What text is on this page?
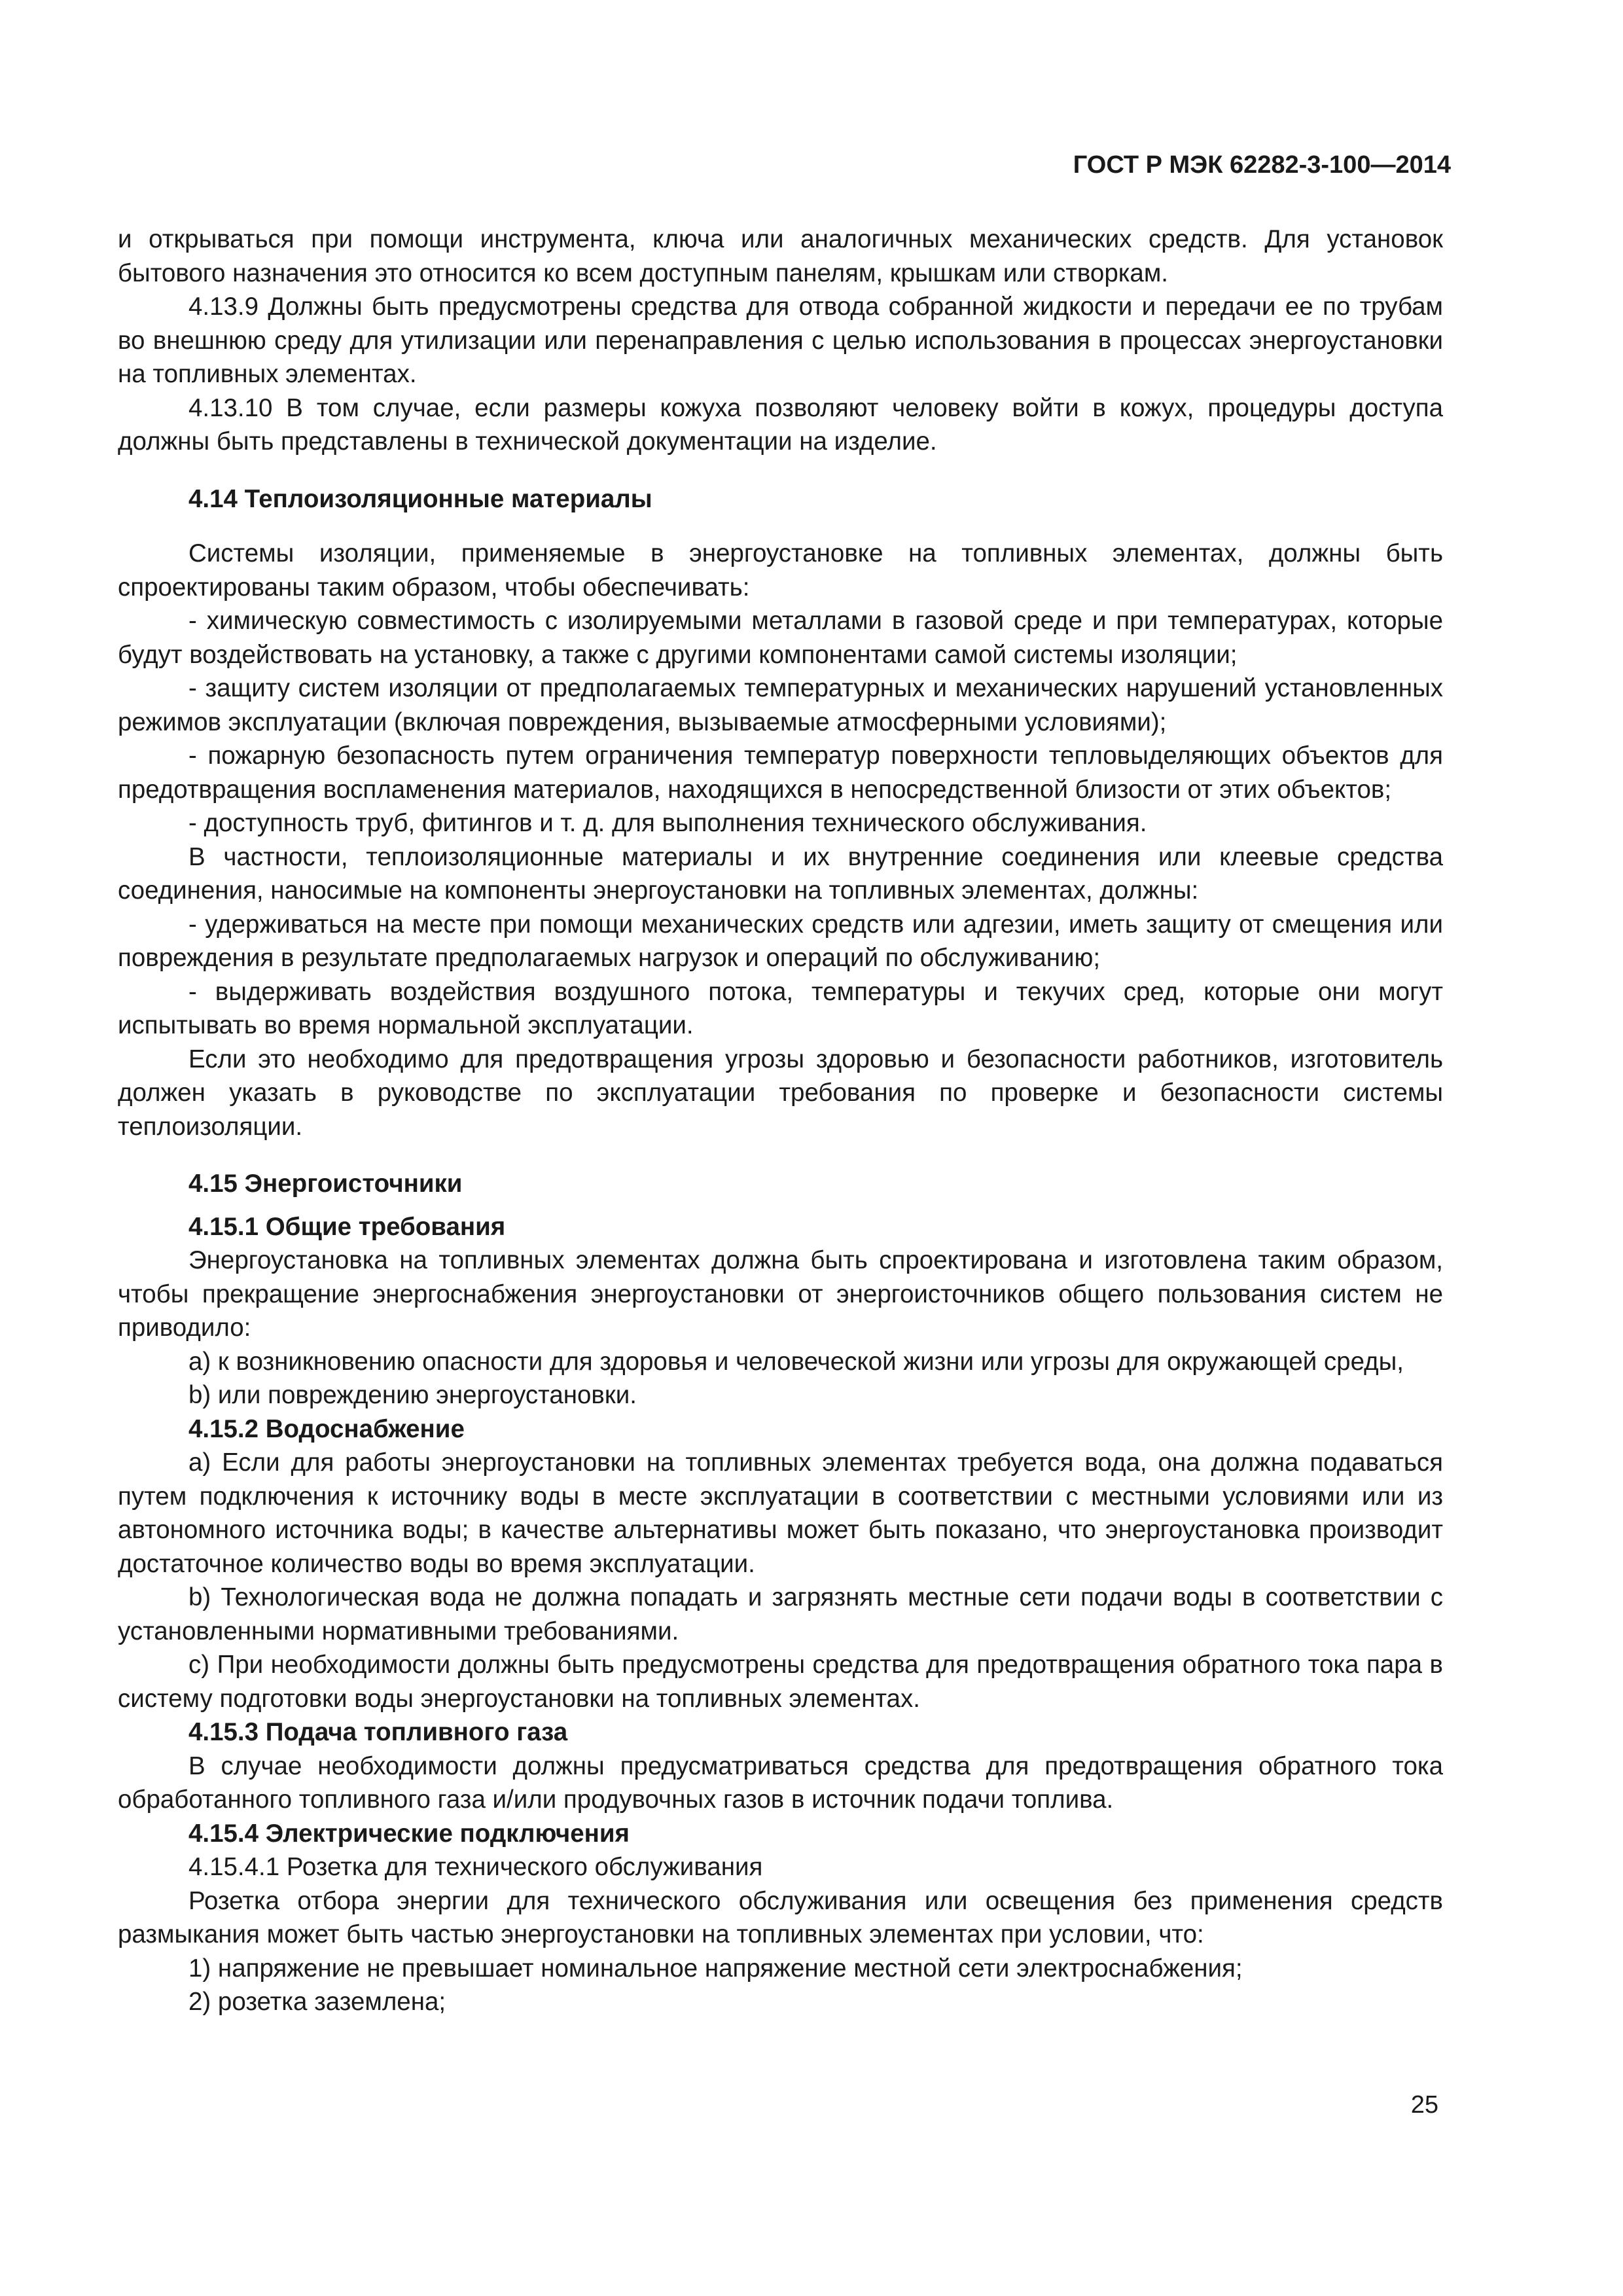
ГОСТ Р МЭК 62282-3-100—2014

и открываться при помощи инструмента, ключа или аналогичных механических средств. Для установок бытового назначения это относится ко всем доступным панелям, крышкам или створкам.

4.13.9 Должны быть предусмотрены средства для отвода собранной жидкости и передачи ее по трубам во внешнюю среду для утилизации или перенаправления с целью использования в процессах энергоустановки на топливных элементах.

4.13.10 В том случае, если размеры кожуха позволяют человеку войти в кожух, процедуры доступа должны быть представлены в технической документации на изделие.

4.14 Теплоизоляционные материалы

Системы изоляции, применяемые в энергоустановке на топливных элементах, должны быть спроектированы таким образом, чтобы обеспечивать:

- химическую совместимость с изолируемыми металлами в газовой среде и при температурах, которые будут воздействовать на установку, а также с другими компонентами самой системы изоляции;

- защиту систем изоляции от предполагаемых температурных и механических нарушений установленных режимов эксплуатации (включая повреждения, вызываемые атмосферными условиями);

- пожарную безопасность путем ограничения температур поверхности тепловыделяющих объектов для предотвращения воспламенения материалов, находящихся в непосредственной близости от этих объектов;

- доступность труб, фитингов и т. д. для выполнения технического обслуживания.

В частности, теплоизоляционные материалы и их внутренние соединения или клеевые средства соединения, наносимые на компоненты энергоустановки на топливных элементах, должны:

- удерживаться на месте при помощи механических средств или адгезии, иметь защиту от смещения или повреждения в результате предполагаемых нагрузок и операций по обслуживанию;

- выдерживать воздействия воздушного потока, температуры и текучих сред, которые они могут испытывать во время нормальной эксплуатации.

Если это необходимо для предотвращения угрозы здоровью и безопасности работников, изготовитель должен указать в руководстве по эксплуатации требования по проверке и безопасности системы теплоизоляции.

4.15 Энергоисточники

4.15.1 Общие требования

Энергоустановка на топливных элементах должна быть спроектирована и изготовлена таким образом, чтобы прекращение энергоснабжения энергоустановки от энергоисточников общего пользования систем не приводило:

а) к возникновению опасности для здоровья и человеческой жизни или угрозы для окружающей среды,

b) или повреждению энергоустановки.

4.15.2 Водоснабжение

а) Если для работы энергоустановки на топливных элементах требуется вода, она должна подаваться путем подключения к источнику воды в месте эксплуатации в соответствии с местными условиями или из автономного источника воды; в качестве альтернативы может быть показано, что энергоустановка производит достаточное количество воды во время эксплуатации.

b) Технологическая вода не должна попадать и загрязнять местные сети подачи воды в соответствии с установленными нормативными требованиями.

с) При необходимости должны быть предусмотрены средства для предотвращения обратного тока пара в систему подготовки воды энергоустановки на топливных элементах.

4.15.3 Подача топливного газа

В случае необходимости должны предусматриваться средства для предотвращения обратного тока обработанного топливного газа и/или продувочных газов в источник подачи топлива.

4.15.4 Электрические подключения

4.15.4.1 Розетка для технического обслуживания

Розетка отбора энергии для технического обслуживания или освещения без применения средств размыкания может быть частью энергоустановки на топливных элементах при условии, что:

1) напряжение не превышает номинальное напряжение местной сети электроснабжения;

2) розетка заземлена;

25
